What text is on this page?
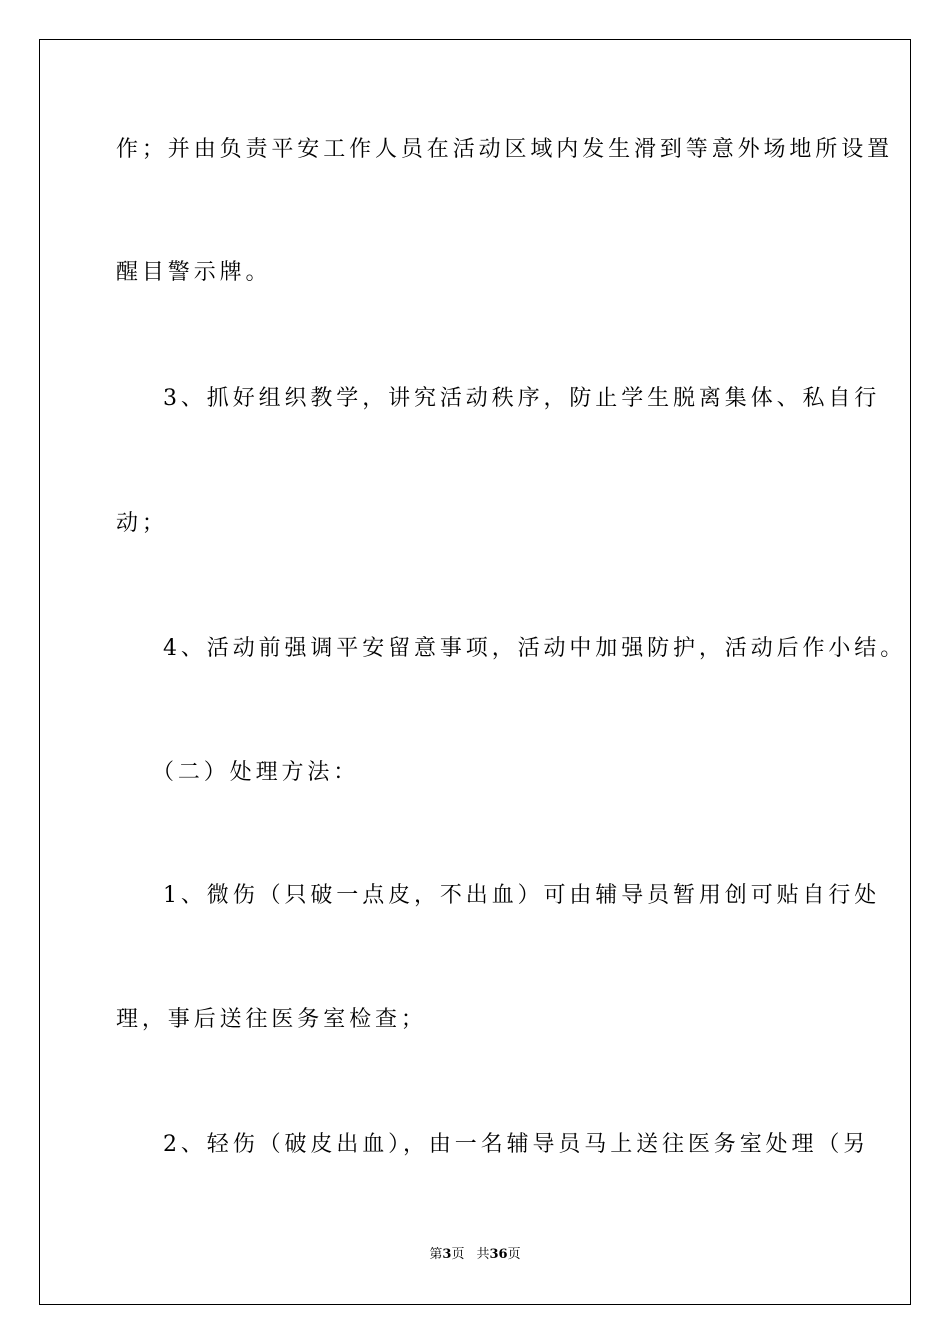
作；并由负责平安工作人员在活动区域内发生滑到等意外场地所设置
醒目警示牌。
3、抓好组织教学，讲究活动秩序，防止学生脱离集体、私自行
动；
4、活动前强调平安留意事项，活动中加强防护，活动后作小结。
（二）处理方法：
1、微伤（只破一点皮，不出血）可由辅导员暂用创可贴自行处
理，事后送往医务室检查；
2、轻伤（破皮出血），由一名辅导员马上送往医务室处理（另
第3页 共36页
